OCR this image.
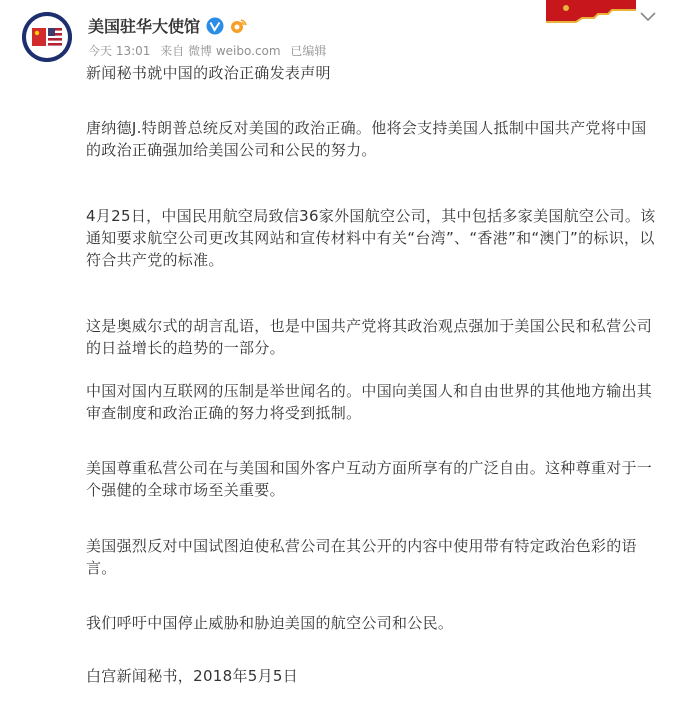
美国驻华大使馆
今天 13:01 来自 微博 weibo.com 已编辑

新闻秘书就中国的政治正确发表声明

唐纳德J.特朗普总统反对美国的政治正确。他将会支持美国人抵制中国共产党将中国的政治正确强加给美国公司和公民的努力。

4月25日，中国民用航空局致信36家外国航空公司，其中包括多家美国航空公司。该通知要求航空公司更改其网站和宣传材料中有关“台湾”、“香港”和“澳门”的标识，以符合共产党的标准。

这是奥威尔式的胡言乱语，也是中国共产党将其政治观点强加于美国公民和私营公司的日益增长的趋势的一部分。

中国对国内互联网的压制是举世闻名的。中国向美国人和自由世界的其他地方输出其审查制度和政治正确的努力将受到抵制。

美国尊重私营公司在与美国和国外客户互动方面所享有的广泛自由。这种尊重对于一个强健的全球市场至关重要。

美国强烈反对中国试图迫使私营公司在其公开的内容中使用带有特定政治色彩的语言。

我们呼吁中国停止威胁和胁迫美国的航空公司和公民。

白宫新闻秘书，2018年5月5日
